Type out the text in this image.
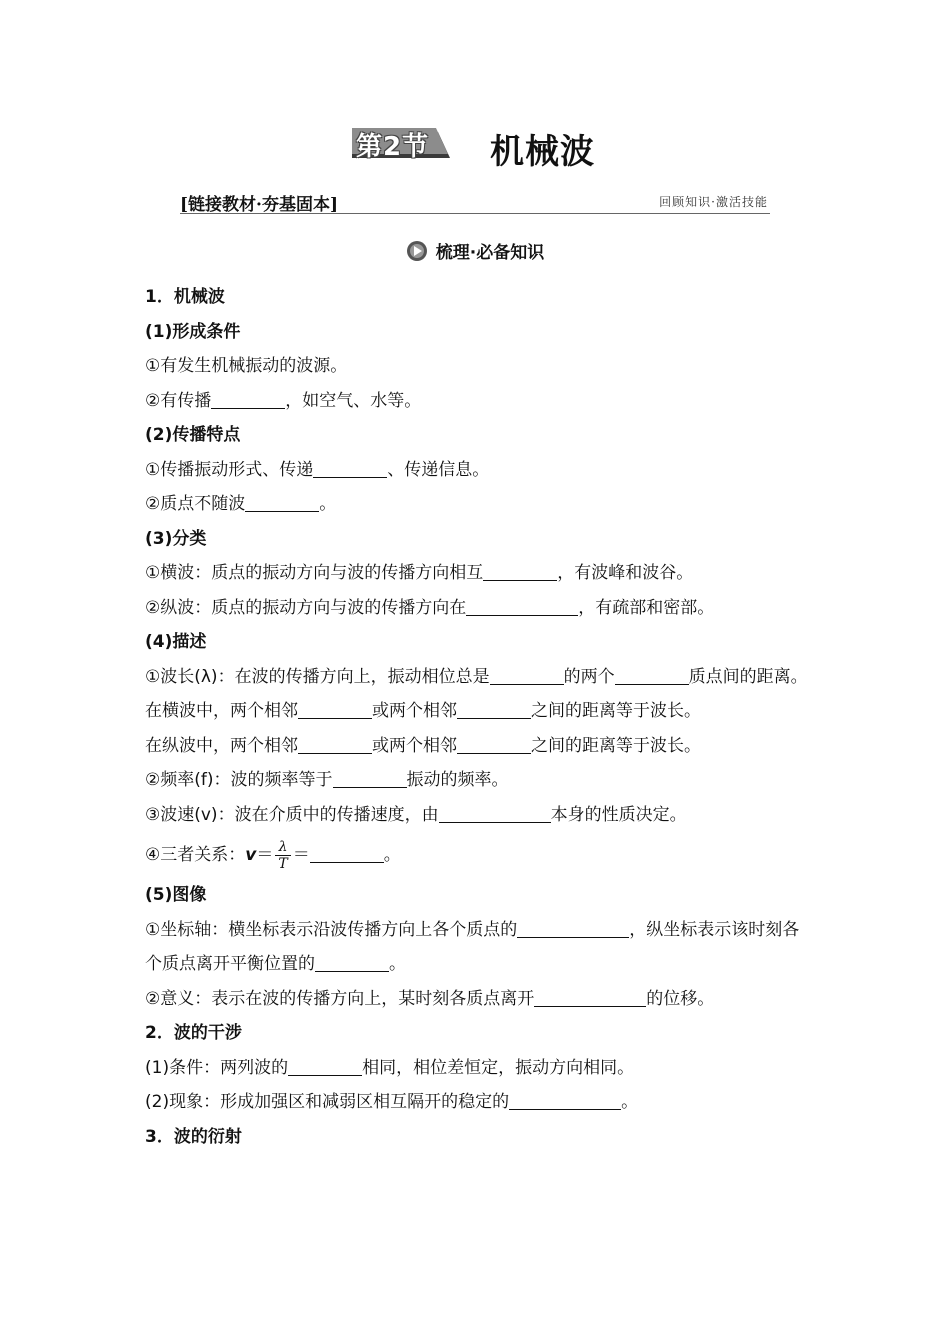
第2节 机械波
[链接教材·夯基固本]	回顾知识·激活技能
梳理·必备知识
1．机械波
(1)形成条件
①有发生机械振动的波源。
②有传播	，如空气、水等。
(2)传播特点
①传播振动形式、传递	、传递信息。
②质点不随波	。
(3)分类
①横波：质点的振动方向与波的传播方向相互	，有波峰和波谷。
②纵波：质点的振动方向与波的传播方向在	，有疏部和密部。
(4)描述
①波长(λ)：在波的传播方向上，振动相位总是	的两个	质点间的距离。
在横波中，两个相邻	或两个相邻	之间的距离等于波长。
在纵波中，两个相邻	或两个相邻	之间的距离等于波长。
②频率(f)：波的频率等于	振动的频率。
③波速(v)：波在介质中的传播速度，由	本身的性质决定。
④三者关系：$v= \frac{\lambda}{T}$ ＝	。
(5)图像
①坐标轴：横坐标表示沿波传播方向上各个质点的	，纵坐标表示该时刻各个质点离开平衡位置的	。
②意义：表示在波的传播方向上，某时刻各质点离开	的位移。
2．波的干涉
(1)条件：两列波的	相同，相位差恒定，振动方向相同。
(2)现象：形成加强区和减弱区相互隔开的稳定的	。
3．波的衍射
